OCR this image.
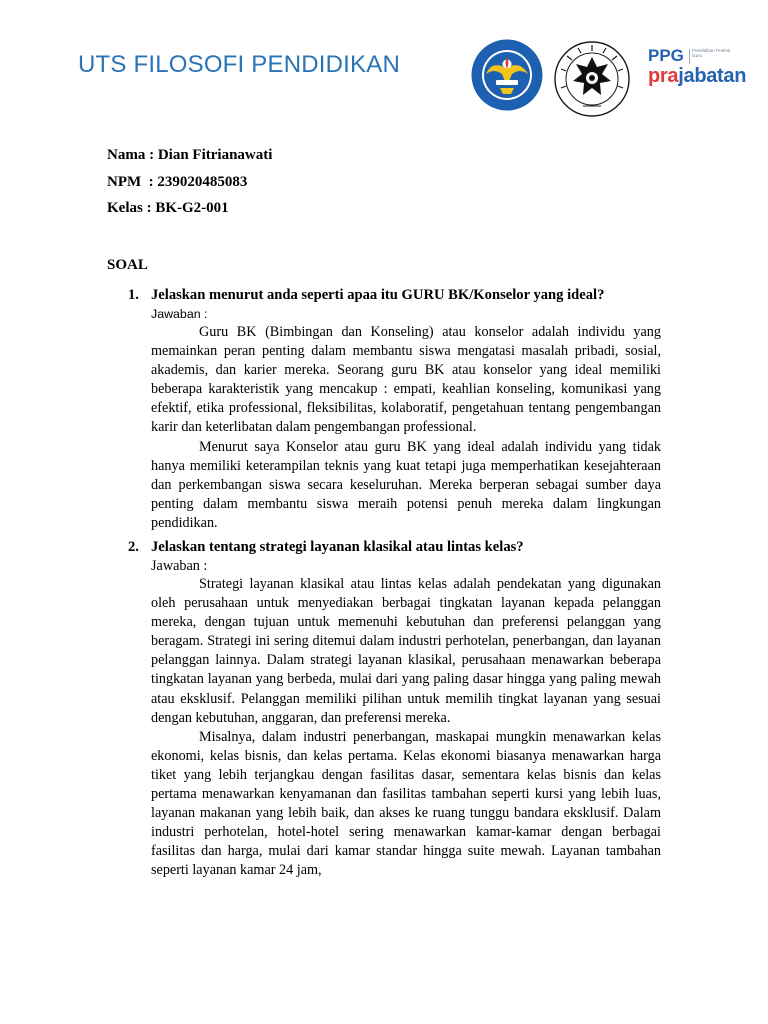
UTS FILOSOFI PENDIDIKAN	PPG Pendidikan Profesi Guru
prajabatan
Nama : Dian Fitrianawati
NPM  : 239020485083
Kelas : BK-G2-001
SOAL
1. Jelaskan menurut anda seperti apaa itu GURU BK/Konselor yang ideal?
Jawaban :

Guru BK (Bimbingan dan Konseling) atau konselor adalah individu yang memainkan peran penting dalam membantu siswa mengatasi masalah pribadi, sosial, akademis, dan karier mereka. Seorang guru BK atau konselor yang ideal memiliki beberapa karakteristik yang mencakup : empati, keahlian konseling, komunikasi yang efektif, etika professional, fleksibilitas, kolaboratif, pengetahuan tentang pengembangan karir dan keterlibatan dalam pengembangan professional.

Menurut saya Konselor atau guru BK yang ideal adalah individu yang tidak hanya memiliki keterampilan teknis yang kuat tetapi juga memperhatikan kesejahteraan dan perkembangan siswa secara keseluruhan. Mereka berperan sebagai sumber daya penting dalam membantu siswa meraih potensi penuh mereka dalam lingkungan pendidikan.

2. Jelaskan tentang strategi layanan klasikal atau lintas kelas?
Jawaban :

Strategi layanan klasikal atau lintas kelas adalah pendekatan yang digunakan oleh perusahaan untuk menyediakan berbagai tingkatan layanan kepada pelanggan mereka, dengan tujuan untuk memenuhi kebutuhan dan preferensi pelanggan yang beragam. Strategi ini sering ditemui dalam industri perhotelan, penerbangan, dan layanan pelanggan lainnya. Dalam strategi layanan klasikal, perusahaan menawarkan beberapa tingkatan layanan yang berbeda, mulai dari yang paling dasar hingga yang paling mewah atau eksklusif. Pelanggan memiliki pilihan untuk memilih tingkat layanan yang sesuai dengan kebutuhan, anggaran, dan preferensi mereka.

Misalnya, dalam industri penerbangan, maskapai mungkin menawarkan kelas ekonomi, kelas bisnis, dan kelas pertama. Kelas ekonomi biasanya menawarkan harga tiket yang lebih terjangkau dengan fasilitas dasar, sementara kelas bisnis dan kelas pertama menawarkan kenyamanan dan fasilitas tambahan seperti kursi yang lebih luas, layanan makanan yang lebih baik, dan akses ke ruang tunggu bandara eksklusif. Dalam industri perhotelan, hotel-hotel sering menawarkan kamar-kamar dengan berbagai fasilitas dan harga, mulai dari kamar standar hingga suite mewah. Layanan tambahan seperti layanan kamar 24 jam,
